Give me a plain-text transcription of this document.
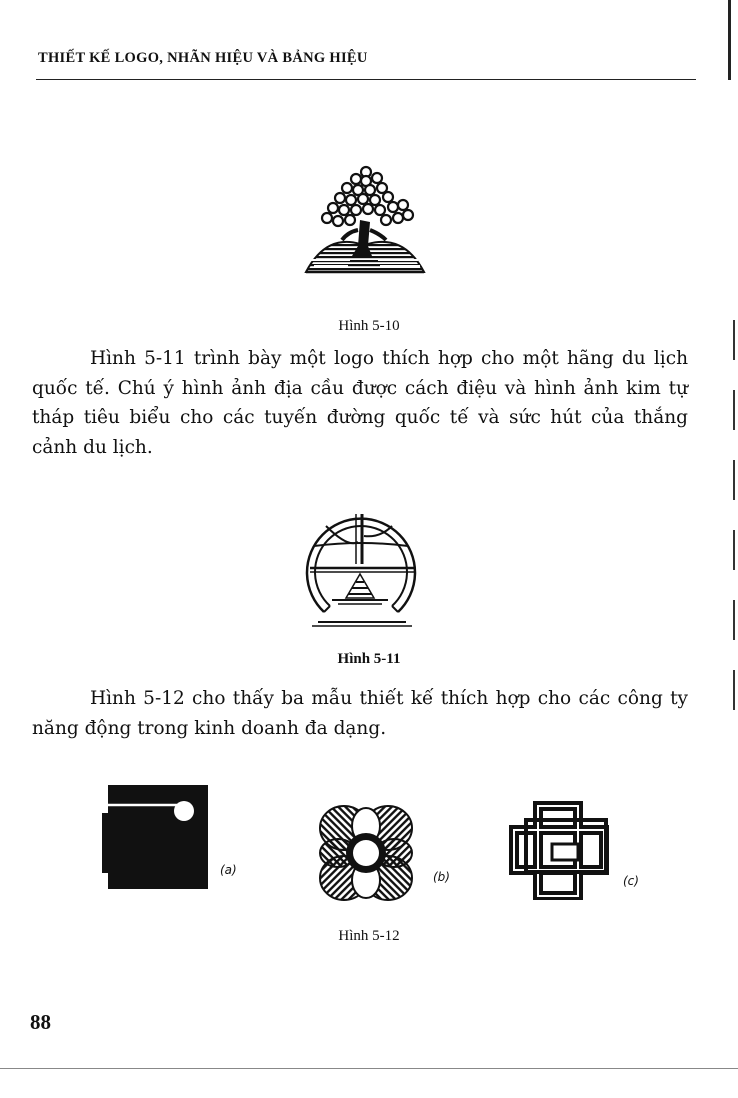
THIẾT KẾ LOGO, NHÃN HIỆU VÀ BẢNG HIỆU
Hình 5-10

Hình 5-11 trình bày một logo thích hợp cho một hãng du lịch quốc tế. Chú ý hình ảnh địa cầu được cách điệu và hình ảnh kim tự tháp tiêu biểu cho các tuyến đường quốc tế và sức hút của thắng cảnh du lịch.

Hình 5-11

Hình 5-12 cho thấy ba mẫu thiết kế thích hợp cho các công ty năng động trong kinh doanh đa dạng.

(a)	(b)	(c)
Hình 5-12
88
